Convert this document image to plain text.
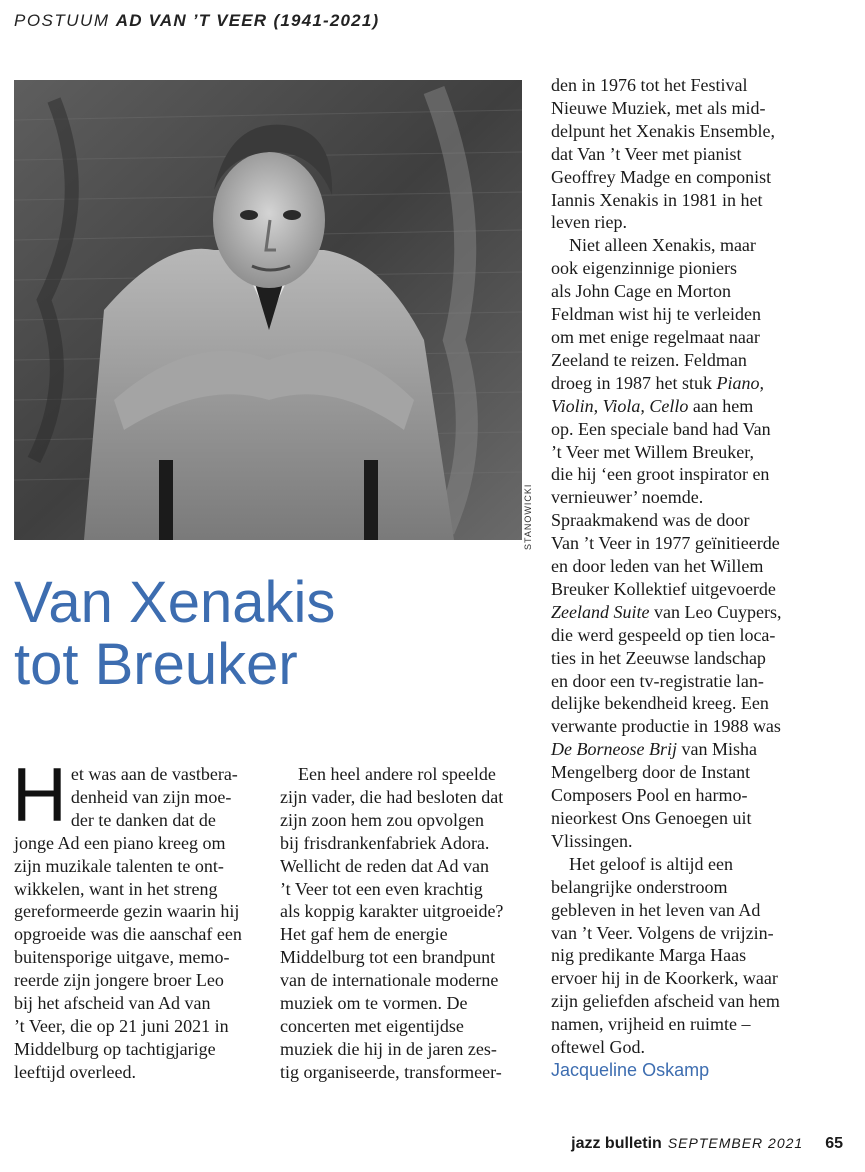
POSTUUM AD VAN ’T VEER (1941-2021)
STANOWICKI
Van Xenakis
tot Breuker
H et was aan de vastbera-
denheid van zijn moe-
der te danken dat de
jonge Ad een piano kreeg om
zijn muzikale talenten te ont-
wikkelen, want in het streng
gereformeerde gezin waarin hij
opgroeide was die aanschaf een
buitensporige uitgave, memo-
reerde zijn jongere broer Leo
bij het afscheid van Ad van
’t Veer, die op 21 juni 2021 in
Middelburg op tachtigjarige
leeftijd overleed.
Een heel andere rol speelde
zijn vader, die had besloten dat
zijn zoon hem zou opvolgen
bij frisdrankenfabriek Adora.
Wellicht de reden dat Ad van
’t Veer tot een even krachtig
als koppig karakter uitgroeide?
Het gaf hem de energie
Middelburg tot een brandpunt
van de internationale moderne
muziek om te vormen. De
concerten met eigentijdse
muziek die hij in de jaren zes-
tig organiseerde, transformeer-
den in 1976 tot het Festival
Nieuwe Muziek, met als mid-
delpunt het Xenakis Ensemble,
dat Van ’t Veer met pianist
Geoffrey Madge en componist
Iannis Xenakis in 1981 in het
leven riep.
Niet alleen Xenakis, maar
ook eigenzinnige pioniers
als John Cage en Morton
Feldman wist hij te verleiden
om met enige regelmaat naar
Zeeland te reizen. Feldman
droeg in 1987 het stuk Piano,
Violin, Viola, Cello aan hem
op. Een speciale band had Van
’t Veer met Willem Breuker,
die hij ‘een groot inspirator en
vernieuwer’ noemde.
Spraakmakend was de door
Van ’t Veer in 1977 geïnitieerde
en door leden van het Willem
Breuker Kollektief uitgevoerde
Zeeland Suite van Leo Cuypers,
die werd gespeeld op tien loca-
ties in het Zeeuwse landschap
en door een tv-registratie lan-
delijke bekendheid kreeg. Een
verwante productie in 1988 was
De Borneose Brij van Misha
Mengelberg door de Instant
Composers Pool en harmo-
nieorkest Ons Genoegen uit
Vlissingen.
Het geloof is altijd een
belangrijke onderstroom
gebleven in het leven van Ad
van ’t Veer. Volgens de vrijzin-
nig predikante Marga Haas
ervoer hij in de Koorkerk, waar
zijn geliefden afscheid van hem
namen, vrijheid en ruimte –
oftewel God.
Jacqueline Oskamp
jazz bulletin SEPTEMBER 2021 65
